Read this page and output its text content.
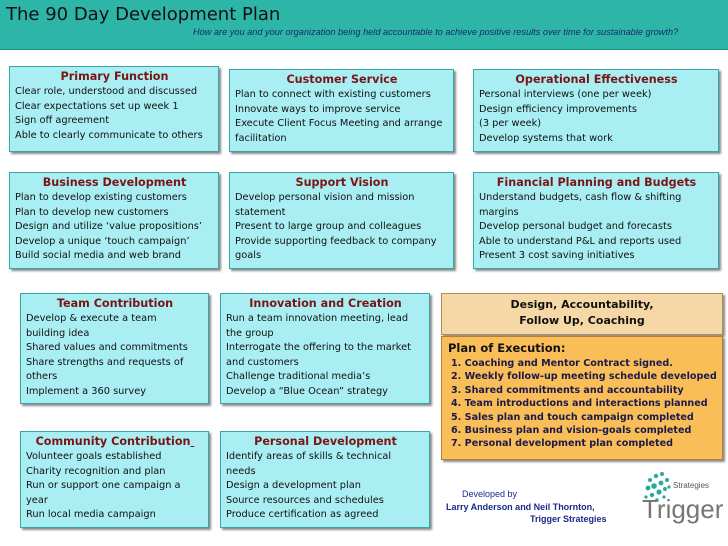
The 90 Day Development Plan
How are you and your organization being held accountable to achieve positive results over time for sustainable growth?
Primary Function
Clear role, understood and discussed
Clear expectations set up week 1
Sign off agreement
Able to clearly communicate to others
Customer Service
Plan to connect with existing customers
Innovate ways to improve service
Execute Client Focus Meeting and arrange
facilitation
Operational Effectiveness
Personal interviews (one per week)
Design efficiency improvements
(3 per week)
Develop systems that work
Business Development
Plan to develop existing customers
Plan to develop new customers
Design and utilize ‘value propositions’
Develop a unique ‘touch campaign’
Build social media and web brand
Support Vision
Develop personal vision and mission
statement
Present to large group and colleagues
Provide supporting feedback to company
goals
Financial Planning and Budgets
Understand budgets, cash flow & shifting
margins
Develop personal budget and forecasts
Able to understand P&L and reports used
Present 3 cost saving initiatives
Team Contribution
Develop & execute a team
building idea
Shared values and commitments
Share strengths and requests of
others
Implement a 360 survey
Innovation and Creation
Run a team innovation meeting, lead
the group
Interrogate the offering to the market
and customers
Challenge traditional media’s
Develop a “Blue Ocean” strategy
Community Contribution
Volunteer goals established
Charity recognition and plan
Run or support one campaign a
year
Run local media campaign
Personal Development
Identify areas of skills & technical
needs
Design a development plan
Source resources and schedules
Produce certification as agreed
Design, Accountability,
Follow Up, Coaching
Plan of Execution:
1. Coaching and Mentor Contract signed.
2. Weekly follow-up meeting schedule developed
3. Shared commitments and accountability
4. Team introductions and interactions planned
5. Sales plan and touch campaign completed
6. Business plan and vision-goals completed
7. Personal development plan completed
Developed by
Larry Anderson and Neil Thornton,
Trigger Strategies
Strategies
Trigger
